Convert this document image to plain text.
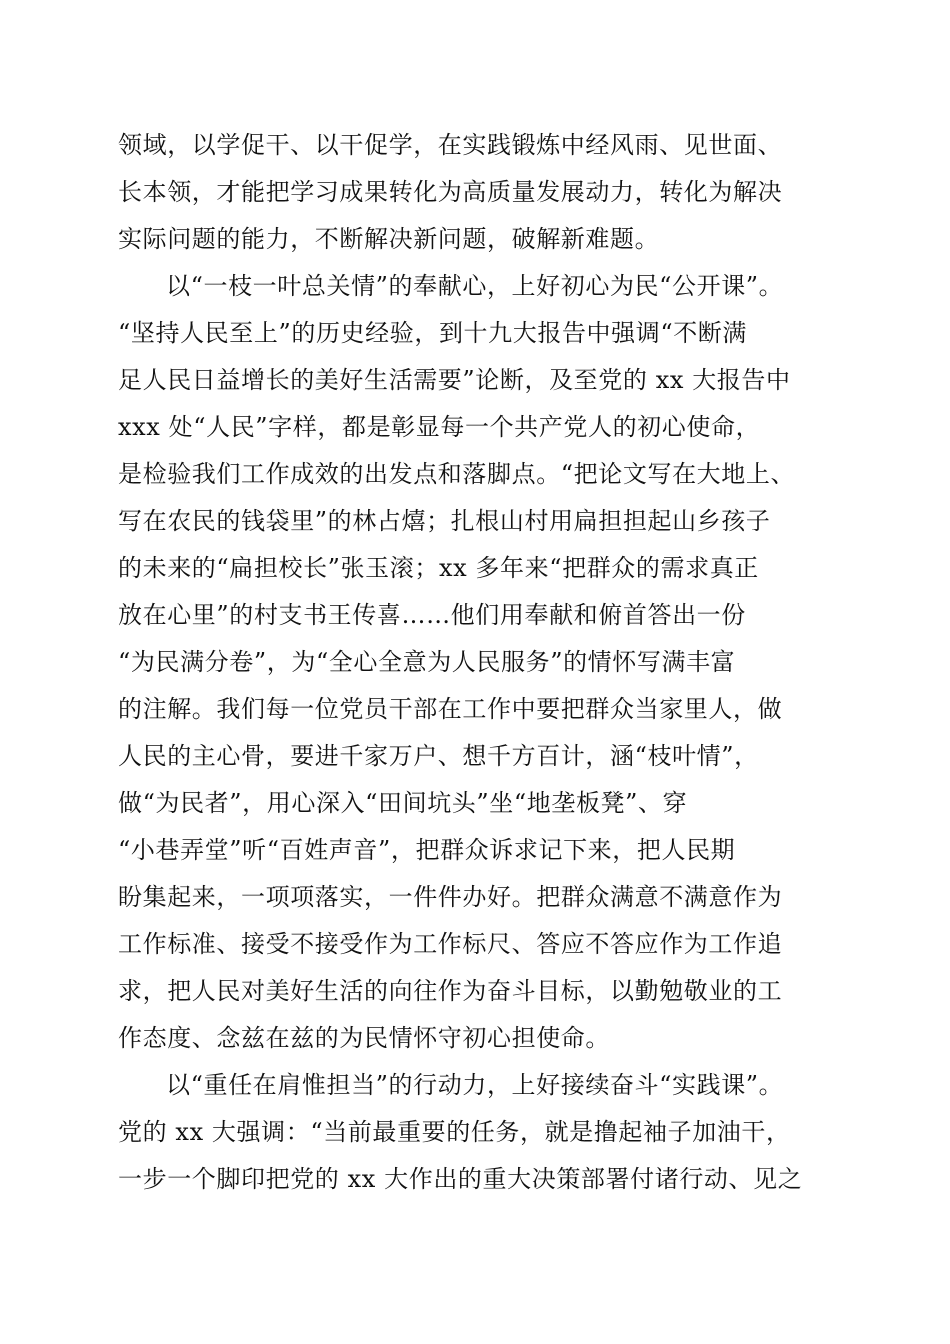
领域，以学促干、以干促学，在实践锻炼中经风雨、见世面、
长本领，才能把学习成果转化为高质量发展动力，转化为解决
实际问题的能力，不断解决新问题，破解新难题。
以“一枝一叶总关情”的奉献心，上好初心为民“公开课”。
“坚持人民至上”的历史经验，到十九大报告中强调“不断满
足人民日益增长的美好生活需要”论断，及至党的 xx 大报告中
xxx 处“人民”字样，都是彰显每一个共产党人的初心使命，
是检验我们工作成效的出发点和落脚点。“把论文写在大地上、
写在农民的钱袋里”的林占熺；扎根山村用扁担担起山乡孩子
的未来的“扁担校长”张玉滚；xx 多年来“把群众的需求真正
放在心里”的村支书王传喜……他们用奉献和俯首答出一份
“为民满分卷”，为“全心全意为人民服务”的情怀写满丰富
的注解。我们每一位党员干部在工作中要把群众当家里人，做
人民的主心骨，要进千家万户、想千方百计，涵“枝叶情”，
做“为民者”，用心深入“田间坑头”坐“地垄板凳”、穿
“小巷弄堂”听“百姓声音”，把群众诉求记下来，把人民期
盼集起来，一项项落实，一件件办好。把群众满意不满意作为
工作标准、接受不接受作为工作标尺、答应不答应作为工作追
求，把人民对美好生活的向往作为奋斗目标，以勤勉敬业的工
作态度、念兹在兹的为民情怀守初心担使命。
以“重任在肩惟担当”的行动力，上好接续奋斗“实践课”。
党的 xx 大强调：“当前最重要的任务，就是撸起袖子加油干，
一步一个脚印把党的 xx 大作出的重大决策部署付诸行动、见之
